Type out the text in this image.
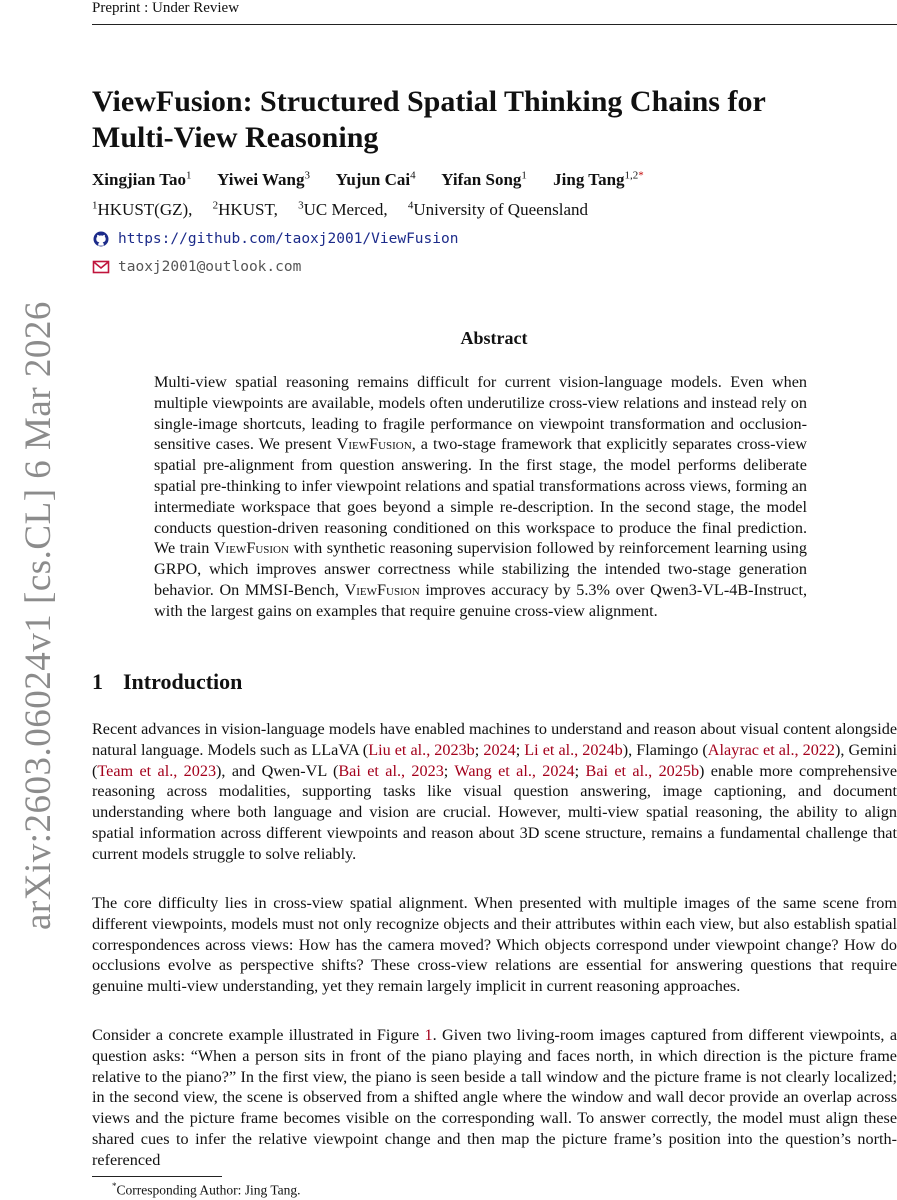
Preprint : Under Review
arXiv:2603.06024v1 [cs.CL] 6 Mar 2026
ViewFusion: Structured Spatial Thinking Chains for Multi-View Reasoning
Xingjian Tao$^1$ Yiwei Wang$^3$ Yujun Cai$^4$ Yifan Song$^1$ Jing Tang$^{1,2*}$
$^1$HKUST(GZ), $^2$HKUST, $^3$UC Merced, $^4$University of Queensland
https://github.com/taoxj2001/ViewFusion
taoxj2001@outlook.com
Abstract

Multi-view spatial reasoning remains difficult for current vision-language models. Even when multiple viewpoints are available, models often underutilize cross-view relations and instead rely on single-image shortcuts, leading to fragile performance on viewpoint transformation and occlusion-sensitive cases. We present ViewFusion, a two-stage framework that explicitly separates cross-view spatial pre-alignment from question answering. In the first stage, the model performs deliberate spatial pre-thinking to infer viewpoint relations and spatial transformations across views, forming an intermediate workspace that goes beyond a simple re-description. In the second stage, the model conducts question-driven reasoning conditioned on this workspace to produce the final prediction. We train ViewFusion with synthetic reasoning supervision followed by reinforcement learning using GRPO, which improves answer correctness while stabilizing the intended two-stage generation behavior. On MMSI-Bench, ViewFusion improves accuracy by 5.3% over Qwen3-VL-4B-Instruct, with the largest gains on examples that require genuine cross-view alignment.

1 Introduction

Recent advances in vision-language models have enabled machines to understand and reason about visual content alongside natural language. Models such as LLaVA (Liu et al., 2023b; 2024; Li et al., 2024b), Flamingo (Alayrac et al., 2022), Gemini (Team et al., 2023), and Qwen-VL (Bai et al., 2023; Wang et al., 2024; Bai et al., 2025b) enable more comprehensive reasoning across modalities, supporting tasks like visual question answering, image captioning, and document understanding where both language and vision are crucial. However, multi-view spatial reasoning, the ability to align spatial information across different viewpoints and reason about 3D scene structure, remains a fundamental challenge that current models struggle to solve reliably.

The core difficulty lies in cross-view spatial alignment. When presented with multiple images of the same scene from different viewpoints, models must not only recognize objects and their attributes within each view, but also establish spatial correspondences across views: How has the camera moved? Which objects correspond under viewpoint change? How do occlusions evolve as perspective shifts? These cross-view relations are essential for answering questions that require genuine multi-view understanding, yet they remain largely implicit in current reasoning approaches.

Consider a concrete example illustrated in Figure 1. Given two living-room images captured from different viewpoints, a question asks: “When a person sits in front of the piano playing and faces north, in which direction is the picture frame relative to the piano?” In the first view, the piano is seen beside a tall window and the picture frame is not clearly localized; in the second view, the scene is observed from a shifted angle where the window and wall decor provide an overlap across views and the picture frame becomes visible on the corresponding wall. To answer correctly, the model must align these shared cues to infer the relative viewpoint change and then map the picture frame’s position into the question’s north-referenced

*Corresponding Author: Jing Tang.
